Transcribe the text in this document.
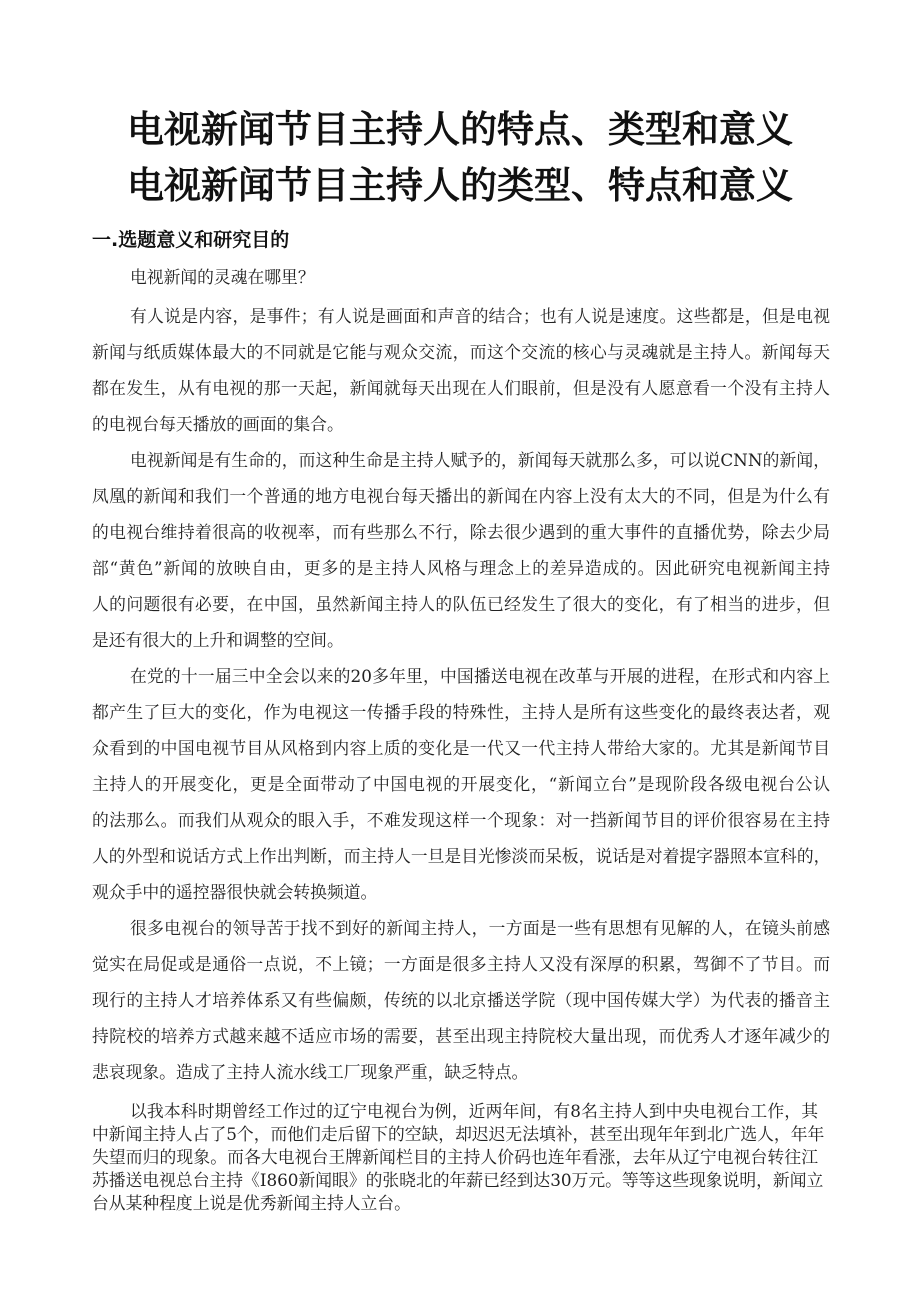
电视新闻节目主持人的特点、类型和意义
电视新闻节目主持人的类型、特点和意义
一.选题意义和研究目的
电视新闻的灵魂在哪里？
有人说是内容，是事件；有人说是画面和声音的结合；也有人说是速度。这些都是，但是电视
新闻与纸质媒体最大的不同就是它能与观众交流，而这个交流的核心与灵魂就是主持人。新闻每天
都在发生，从有电视的那一天起，新闻就每天出现在人们眼前，但是没有人愿意看一个没有主持人
的电视台每天播放的画面的集合。
电视新闻是有生命的，而这种生命是主持人赋予的，新闻每天就那么多，可以说CNN的新闻，
凤凰的新闻和我们一个普通的地方电视台每天播出的新闻在内容上没有太大的不同，但是为什么有
的电视台维持着很高的收视率，而有些那么不行，除去很少遇到的重大事件的直播优势，除去少局
部“黄色”新闻的放映自由，更多的是主持人风格与理念上的差异造成的。因此研究电视新闻主持
人的问题很有必要，在中国，虽然新闻主持人的队伍已经发生了很大的变化，有了相当的进步，但
是还有很大的上升和调整的空间。
在党的十一届三中全会以来的20多年里，中国播送电视在改革与开展的进程，在形式和内容上
都产生了巨大的变化，作为电视这一传播手段的特殊性，主持人是所有这些变化的最终表达者，观
众看到的中国电视节目从风格到内容上质的变化是一代又一代主持人带给大家的。尤其是新闻节目
主持人的开展变化，更是全面带动了中国电视的开展变化，“新闻立台”是现阶段各级电视台公认
的法那么。而我们从观众的眼入手，不难发现这样一个现象：对一挡新闻节目的评价很容易在主持
人的外型和说话方式上作出判断，而主持人一旦是目光惨淡而呆板，说话是对着提字器照本宣科的，
观众手中的遥控器很快就会转换频道。
很多电视台的领导苦于找不到好的新闻主持人，一方面是一些有思想有见解的人，在镜头前感
觉实在局促或是通俗一点说，不上镜；一方面是很多主持人又没有深厚的积累，驾御不了节目。而
现行的主持人才培养体系又有些偏颇，传统的以北京播送学院（现中国传媒大学）为代表的播音主
持院校的培养方式越来越不适应市场的需要，甚至出现主持院校大量出现，而优秀人才逐年减少的
悲哀现象。造成了主持人流水线工厂现象严重，缺乏特点。
以我本科时期曾经工作过的辽宁电视台为例，近两年间，有8名主持人到中央电视台工作，其
中新闻主持人占了5个，而他们走后留下的空缺，却迟迟无法填补，甚至出现年年到北广选人，年年
失望而归的现象。而各大电视台王牌新闻栏目的主持人价码也连年看涨，去年从辽宁电视台转往江
苏播送电视总台主持《I860新闻眼》的张晓北的年薪已经到达30万元。等等这些现象说明，新闻立
台从某种程度上说是优秀新闻主持人立台。
